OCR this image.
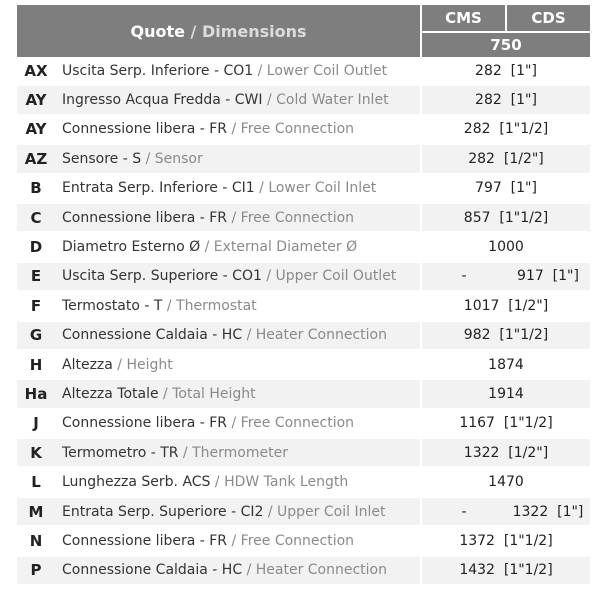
Quote / Dimensions
CMS	CDS
750
AX	Uscita Serp. Inferiore - CO1 / Lower Coil Outlet	282  [1"]
AY	Ingresso Acqua Fredda - CWI / Cold Water Inlet	282  [1"]
AY	Connessione libera - FR / Free Connection	282  [1"1/2]
AZ	Sensore - S / Sensor	282  [1/2"]
B	Entrata Serp. Inferiore - CI1 / Lower Coil Inlet	797  [1"]
C	Connessione libera - FR / Free Connection	857  [1"1/2]
D	Diametro Esterno Ø / External Diameter Ø	1000
E	Uscita Serp. Superiore - CO1 / Upper Coil Outlet	-	917  [1"]
F	Termostato - T / Thermostat	1017  [1/2"]
G	Connessione Caldaia - HC / Heater Connection	982  [1"1/2]
H	Altezza / Height	1874
Ha	Altezza Totale / Total Height	1914
J	Connessione libera - FR / Free Connection	1167  [1"1/2]
K	Termometro - TR / Thermometer	1322  [1/2"]
L	Lunghezza Serb. ACS / HDW Tank Length	1470
M	Entrata Serp. Superiore - CI2 / Upper Coil Inlet	-	1322  [1"]
N	Connessione libera - FR / Free Connection	1372  [1"1/2]
P	Connessione Caldaia - HC / Heater Connection	1432  [1"1/2]
